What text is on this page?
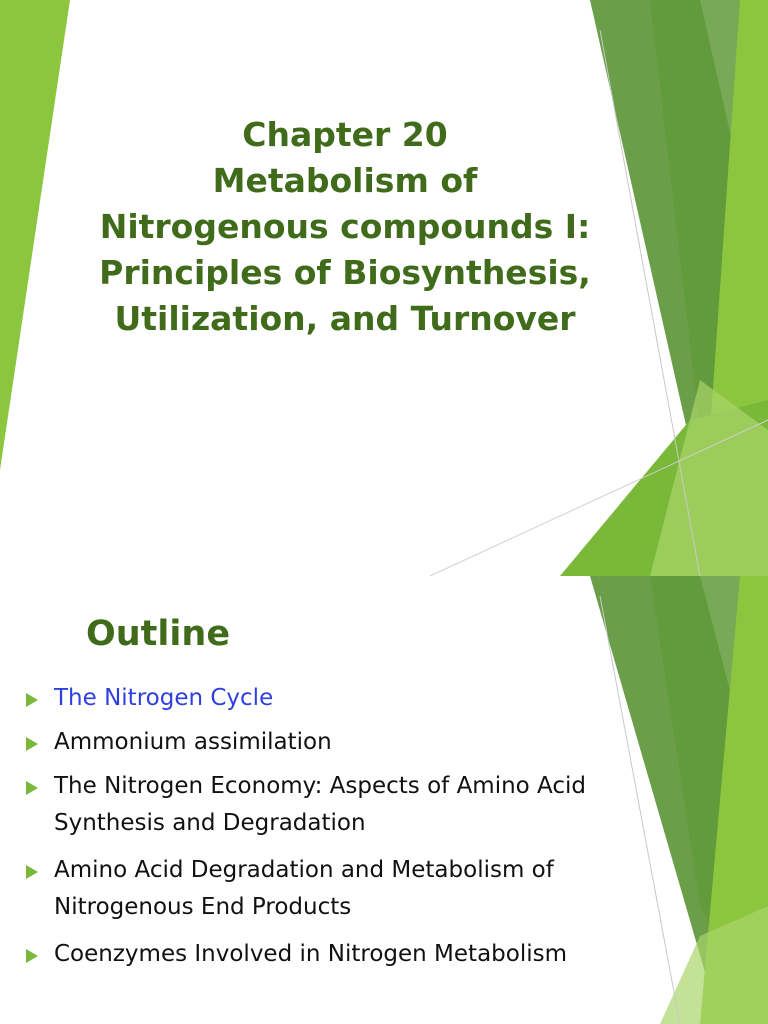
Chapter 20
Metabolism of
Nitrogenous compounds I:
Principles of Biosynthesis,
Utilization, and Turnover
Outline
The Nitrogen Cycle
Ammonium assimilation
The Nitrogen Economy: Aspects of Amino Acid
Synthesis and Degradation
Amino Acid Degradation and Metabolism of
Nitrogenous End Products
Coenzymes Involved in Nitrogen Metabolism
